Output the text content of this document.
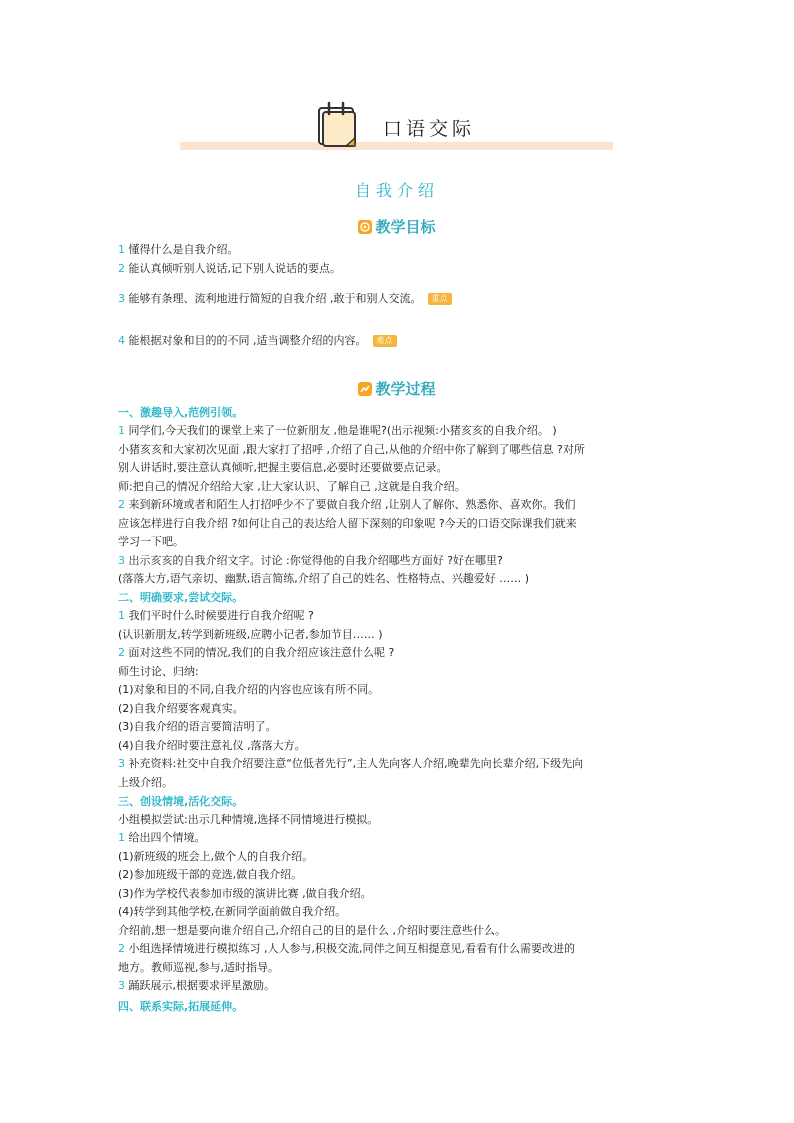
口语交际
自我介绍
教学目标
1 懂得什么是自我介绍。
2 能认真倾听别人说话,记下别人说话的要点。
3 能够有条理、流利地进行简短的自我介绍 ,敢于和别人交流。 重点
4 能根据对象和目的的不同 ,适当调整介绍的内容。 难点
教学过程
一、激趣导入,范例引领。
1 同学们,今天我们的课堂上来了一位新朋友 ,他是谁呢?(出示视频:小猪亥亥的自我介绍。 )
小猪亥亥和大家初次见面 ,跟大家打了招呼 ,介绍了自己,从他的介绍中你了解到了哪些信息 ?对所
别人讲话时,要注意认真倾听,把握主要信息,必要时还要做要点记录。
师:把自己的情况介绍给大家 ,让大家认识、了解自己 ,这就是自我介绍。
2 来到新环境或者和陌生人打招呼少不了要做自我介绍 ,让别人了解你、熟悉你、喜欢你。我们
应该怎样进行自我介绍 ?如何让自己的表达给人留下深刻的印象呢 ?今天的口语交际课我们就来
学习一下吧。
3 出示亥亥的自我介绍文字。讨论 :你觉得他的自我介绍哪些方面好 ?好在哪里?
(落落大方,语气亲切、幽默,语言简练,介绍了自己的姓名、性格特点、兴趣爱好 …… )
二、明确要求,尝试交际。
1 我们平时什么时候要进行自我介绍呢 ?
(认识新朋友,转学到新班级,应聘小记者,参加节目…… )
2 面对这些不同的情况,我们的自我介绍应该注意什么呢 ?
师生讨论、归纳:
(1)对象和目的不同,自我介绍的内容也应该有所不同。
(2)自我介绍要客观真实。
(3)自我介绍的语言要简洁明了。
(4)自我介绍时要注意礼仪 ,落落大方。
3 补充资料:社交中自我介绍要注意“位低者先行”,主人先向客人介绍,晚辈先向长辈介绍,下级先向
上级介绍。
三、创设情境,活化交际。
小组模拟尝试:出示几种情境,选择不同情境进行模拟。
1 给出四个情境。
(1)新班级的班会上,做个人的自我介绍。
(2)参加班级干部的竞选,做自我介绍。
(3)作为学校代表参加市级的演讲比赛 ,做自我介绍。
(4)转学到其他学校,在新同学面前做自我介绍。
介绍前,想一想是要向谁介绍自己,介绍自己的目的是什么 ,介绍时要注意些什么。
2 小组选择情境进行模拟练习 ,人人参与,积极交流,同伴之间互相提意见,看看有什么需要改进的
地方。教师巡视,参与,适时指导。
3 踊跃展示,根据要求评星激励。
四、联系实际,拓展延伸。
